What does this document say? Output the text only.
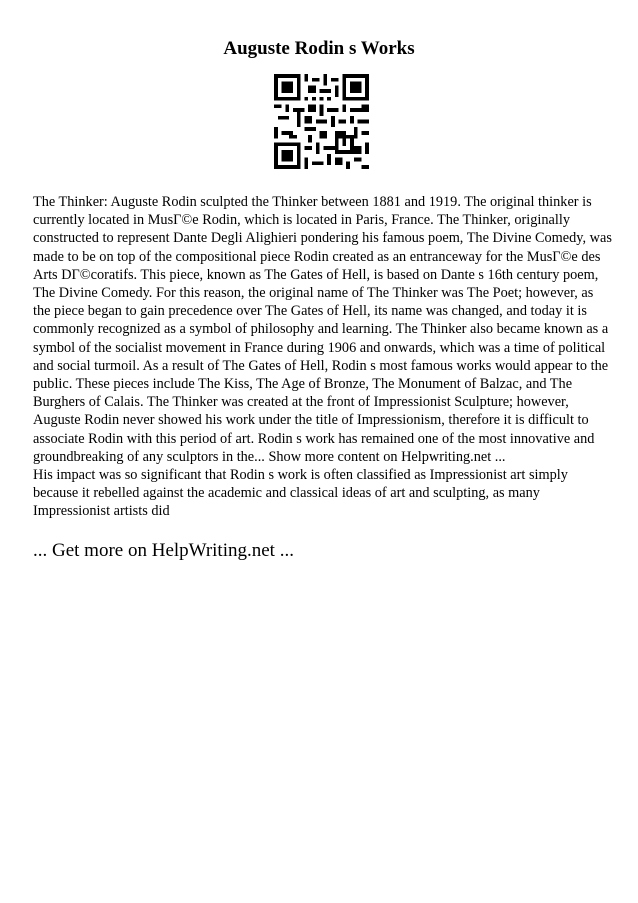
Auguste Rodin s Works

The Thinker: Auguste Rodin sculpted the Thinker between 1881 and 1919. The original thinker is currently located in MusГ©e Rodin, which is located in Paris, France. The Thinker, originally constructed to represent Dante Degli Alighieri pondering his famous poem, The Divine Comedy, was made to be on top of the compositional piece Rodin created as an entranceway for the MusГ©e des Arts DГ©coratifs. This piece, known as The Gates of Hell, is based on Dante s 16th century poem, The Divine Comedy. For this reason, the original name of The Thinker was The Poet; however, as the piece began to gain precedence over The Gates of Hell, its name was changed, and today it is commonly recognized as a symbol of philosophy and learning. The Thinker also became known as a symbol of the socialist movement in France during 1906 and onwards, which was a time of political and social turmoil. As a result of The Gates of Hell, Rodin s most famous works would appear to the public. These pieces include The Kiss, The Age of Bronze, The Monument of Balzac, and The Burghers of Calais. The Thinker was created at the front of Impressionist Sculpture; however, Auguste Rodin never showed his work under the title of Impressionism, therefore it is difficult to associate Rodin with this period of art. Rodin s work has remained one of the most innovative and groundbreaking of any sculptors in the... Show more content on Helpwriting.net ...

His impact was so significant that Rodin s work is often classified as Impressionist art simply because it rebelled against the academic and classical ideas of art and sculpting, as many Impressionist artists did

... Get more on HelpWriting.net ...
